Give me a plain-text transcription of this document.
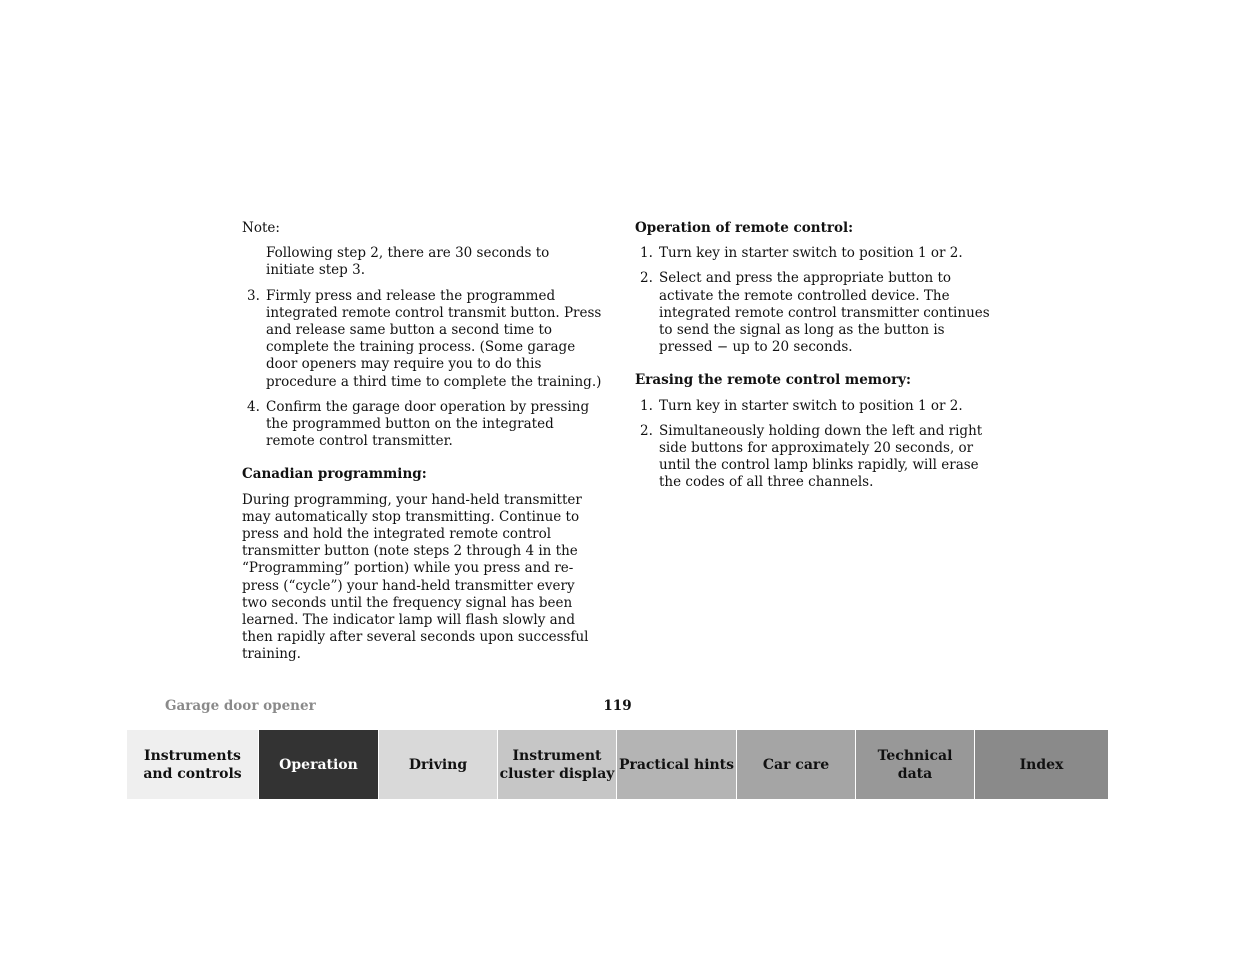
Note:

Following step 2, there are 30 seconds to initiate step 3.

3. Firmly press and release the programmed integrated remote control transmit button. Press and release same button a second time to complete the training process. (Some garage door openers may require you to do this procedure a third time to complete the training.)
4. Confirm the garage door operation by pressing the programmed button on the integrated remote control transmitter.

Canadian programming:

During programming, your hand-held transmitter may automatically stop transmitting. Continue to press and hold the integrated remote control transmitter button (note steps 2 through 4 in the “Programming” portion) while you press and re-press (“cycle”) your hand-held transmitter every two seconds until the frequency signal has been learned. The indicator lamp will flash slowly and then rapidly after several seconds upon successful training.

Operation of remote control:

1. Turn key in starter switch to position 1 or 2.
2. Select and press the appropriate button to activate the remote controlled device. The integrated remote control transmitter continues to send the signal as long as the button is pressed − up to 20 seconds.

Erasing the remote control memory:

1. Turn key in starter switch to position 1 or 2.
2. Simultaneously holding down the left and right side buttons for approximately 20 seconds, or until the control lamp blinks rapidly, will erase the codes of all three channels.
Garage door opener	119
Instruments
and controls
Operation	Driving
Instrument
cluster display
Practical hints Car care
Technical
data
Index
